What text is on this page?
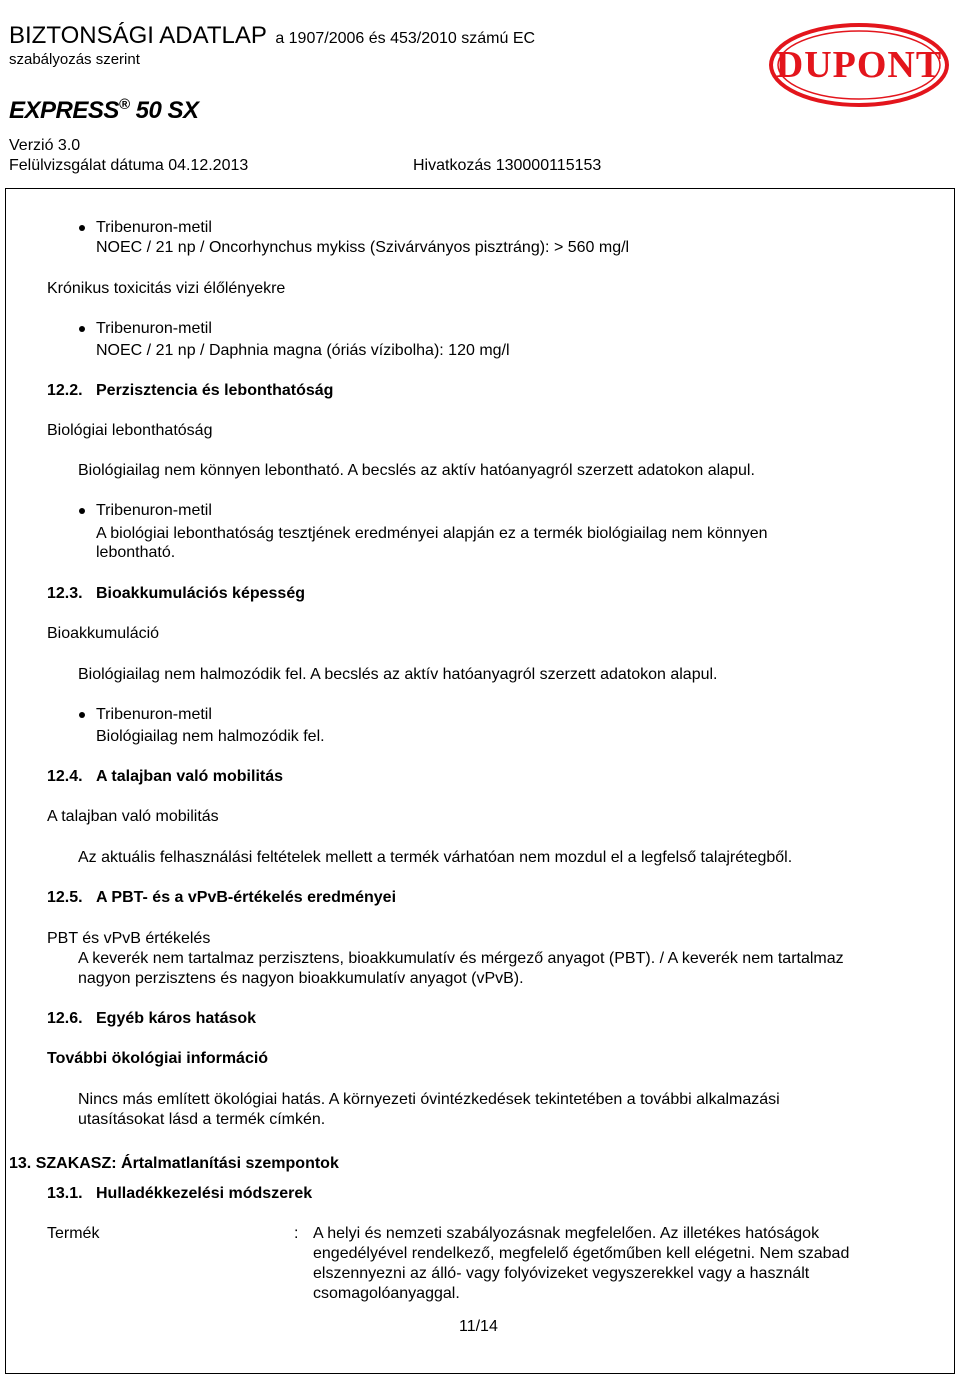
BIZTONSÁGI ADATLAP a 1907/2006 és 453/2010 számú EC
szabályozás szerint
EXPRESS® 50 SX
Verzió 3.0
Felülvizsgálat dátuma 04.12.2013	Hivatkozás 130000115153
DUPONT
Tribenuron-metil
NOEC / 21 np / Oncorhynchus mykiss (Szivárványos pisztráng): > 560 mg/l
Krónikus toxicitás vizi élőlényekre
Tribenuron-metil
NOEC / 21 np / Daphnia magna (óriás vízibolha): 120 mg/l
12.2. Perzisztencia és lebonthatóság
Biológiai lebonthatóság
Biológiailag nem könnyen lebontható. A becslés az aktív hatóanyagról szerzett adatokon alapul.
Tribenuron-metil
A biológiai lebonthatóság tesztjének eredményei alapján ez a termék biológiailag nem könnyen
lebontható.
12.3. Bioakkumulációs képesség
Bioakkumuláció
Biológiailag nem halmozódik fel. A becslés az aktív hatóanyagról szerzett adatokon alapul.
Tribenuron-metil
Biológiailag nem halmozódik fel.
12.4. A talajban való mobilitás
A talajban való mobilitás
Az aktuális felhasználási feltételek mellett a termék várhatóan nem mozdul el a legfelső talajrétegből.
12.5. A PBT- és a vPvB-értékelés eredményei
PBT és vPvB értékelés
A keverék nem tartalmaz perzisztens, bioakkumulatív és mérgező anyagot (PBT). / A keverék nem tartalmaz
nagyon perzisztens és nagyon bioakkumulatív anyagot (vPvB).
12.6. Egyéb káros hatások
További ökológiai információ
Nincs más említett ökológiai hatás. A környezeti óvintézkedések tekintetében a további alkalmazási
utasításokat lásd a termék címkén.
13. SZAKASZ: Ártalmatlanítási szempontok
13.1. Hulladékkezelési módszerek
Termék	: A helyi és nemzeti szabályozásnak megfelelően. Az illetékes hatóságok
engedélyével rendelkező, megfelelő égetőműben kell elégetni. Nem szabad
elszennyezni az álló- vagy folyóvizeket vegyszerekkel vagy a használt
csomagolóanyaggal.
11/14
